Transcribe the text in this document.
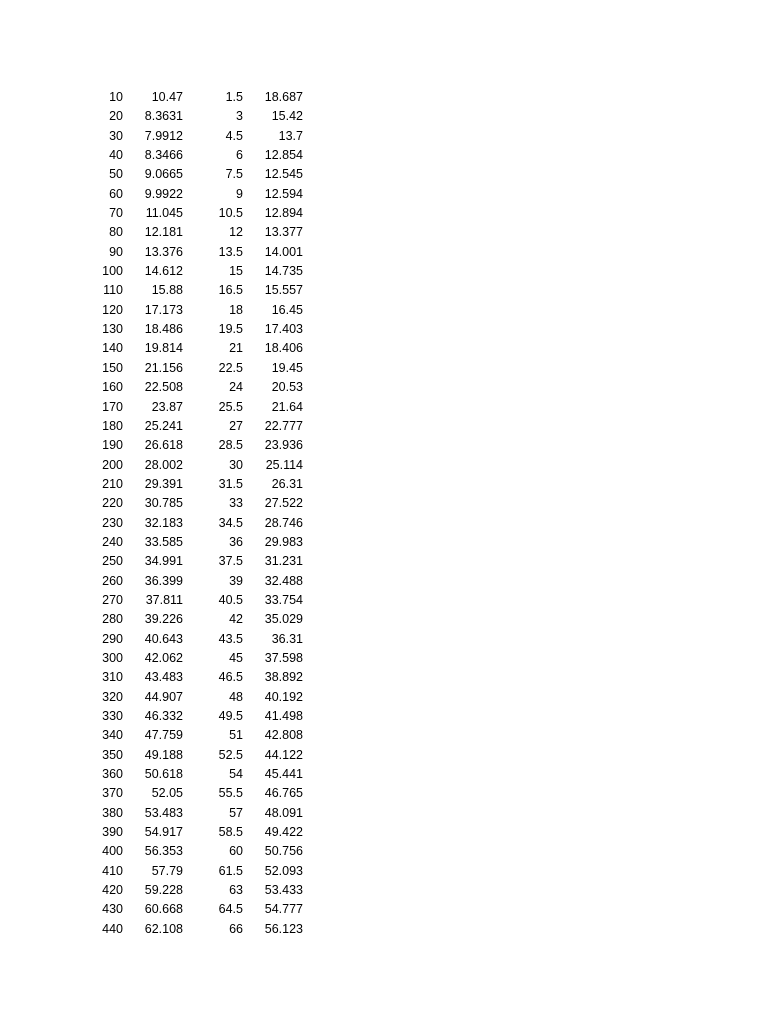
10	10.47	1.5	18.687
20	8.3631	3	15.42
30	7.9912	4.5	13.7
40	8.3466	6	12.854
50	9.0665	7.5	12.545
60	9.9922	9	12.594
70	11.045	10.5	12.894
80	12.181	12	13.377
90	13.376	13.5	14.001
100	14.612	15	14.735
110	15.88	16.5	15.557
120	17.173	18	16.45
130	18.486	19.5	17.403
140	19.814	21	18.406
150	21.156	22.5	19.45
160	22.508	24	20.53
170	23.87	25.5	21.64
180	25.241	27	22.777
190	26.618	28.5	23.936
200	28.002	30	25.114
210	29.391	31.5	26.31
220	30.785	33	27.522
230	32.183	34.5	28.746
240	33.585	36	29.983
250	34.991	37.5	31.231
260	36.399	39	32.488
270	37.811	40.5	33.754
280	39.226	42	35.029
290	40.643	43.5	36.31
300	42.062	45	37.598
310	43.483	46.5	38.892
320	44.907	48	40.192
330	46.332	49.5	41.498
340	47.759	51	42.808
350	49.188	52.5	44.122
360	50.618	54	45.441
370	52.05	55.5	46.765
380	53.483	57	48.091
390	54.917	58.5	49.422
400	56.353	60	50.756
410	57.79	61.5	52.093
420	59.228	63	53.433
430	60.668	64.5	54.777
440	62.108	66	56.123
